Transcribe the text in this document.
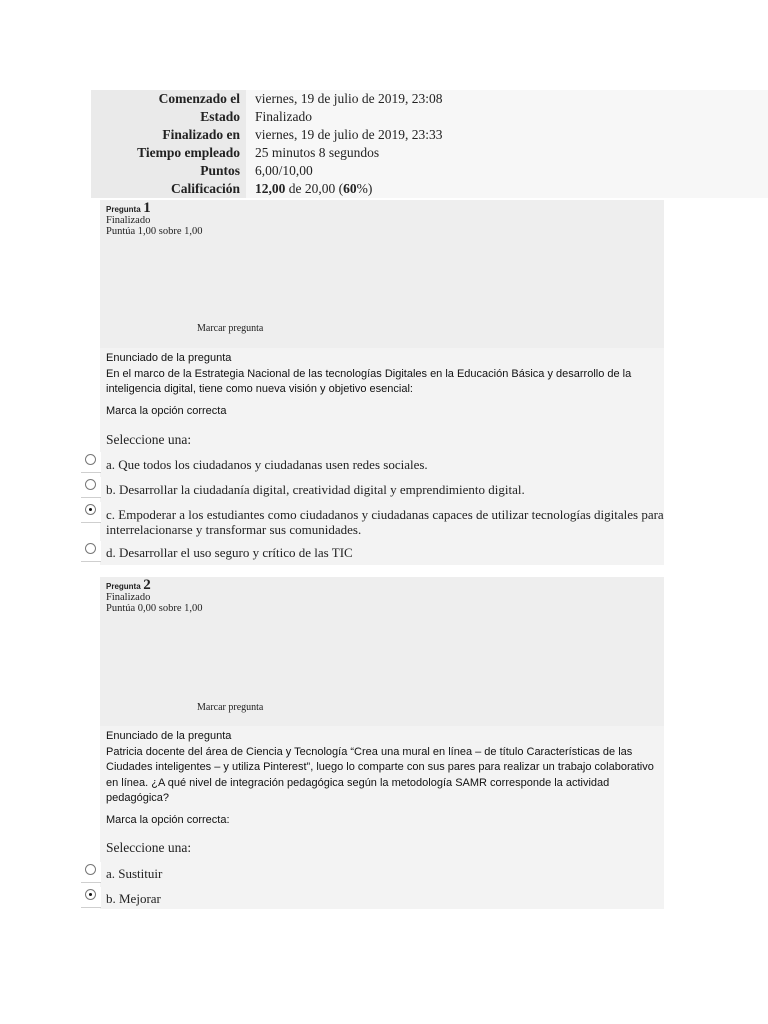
Comenzado el	viernes, 19 de julio de 2019, 23:08
Estado	Finalizado
Finalizado en	viernes, 19 de julio de 2019, 23:33
Tiempo empleado	25 minutos 8 segundos
Puntos	6,00/10,00
Calificación	12,00 de 20,00 (60%)
Pregunta 1
Finalizado
Puntúa 1,00 sobre 1,00
Marcar pregunta
Enunciado de la pregunta
En el marco de la Estrategia Nacional de las tecnologías Digitales en la Educación Básica y desarrollo de la inteligencia digital, tiene como nueva visión y objetivo esencial:
Marca la opción correcta
Seleccione una:
a. Que todos los ciudadanos y ciudadanas usen redes sociales.
b. Desarrollar la ciudadanía digital, creatividad digital y emprendimiento digital.
c. Empoderar a los estudiantes como ciudadanos y ciudadanas capaces de utilizar tecnologías digitales para interrelacionarse y transformar sus comunidades.
d. Desarrollar el uso seguro y crítico de las TIC
Pregunta 2
Finalizado
Puntúa 0,00 sobre 1,00
Marcar pregunta
Enunciado de la pregunta
Patricia docente del área de Ciencia y Tecnología “Crea una mural en línea – de título Características de las Ciudades inteligentes – y utiliza Pinterest”, luego lo comparte con sus pares para realizar un trabajo colaborativo en línea. ¿A qué nivel de integración pedagógica según la metodología SAMR corresponde la actividad pedagógica?
Marca la opción correcta:
Seleccione una:
a. Sustituir
b. Mejorar
